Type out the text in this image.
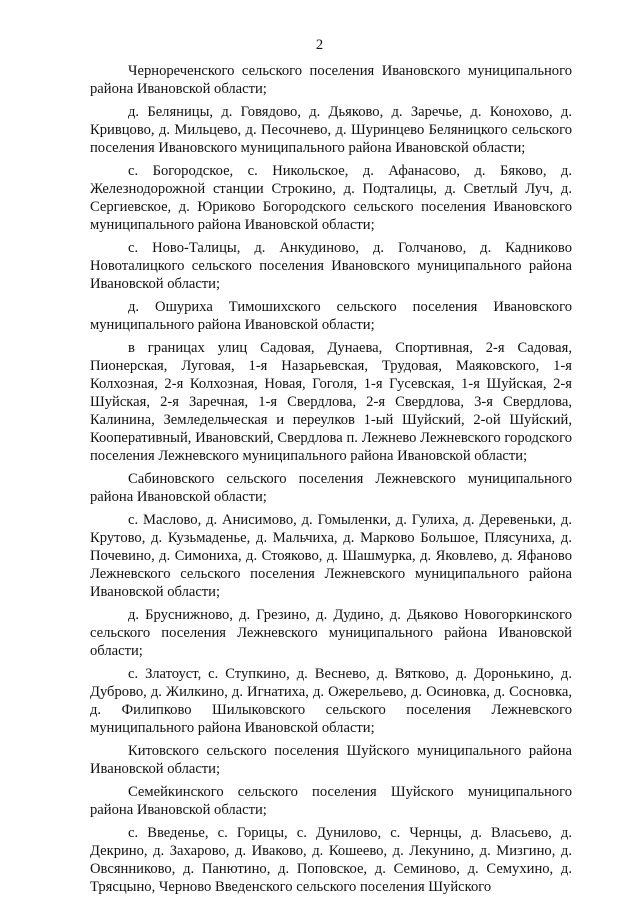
2

Чернореченского сельского поселения Ивановского муниципального района Ивановской области;

д. Беляницы, д. Говядово, д. Дьяково, д. Заречье, д. Коноховo, д. Кривцово, д. Мильцево, д. Песочнево, д. Шуринцево Беляницкого сельского поселения Ивановского муниципального района Ивановской области;

с. Богородское, с. Никольское, д. Афанасово, д. Бяково, д. Железнодорожной станции Строкино, д. Подталицы, д. Светлый Луч, д. Сергиевское, д. Юриково Богородского сельского поселения Ивановского муниципального района Ивановской области;

с. Ново-Талицы, д. Анкудиново, д. Голчаново, д. Кадниково Новоталицкого сельского поселения Ивановского муниципального района Ивановской области;

д. Ошуриха Тимошихского сельского поселения Ивановского муниципального района Ивановской области;

в границах улиц Садовая, Дунаева, Спортивная, 2-я Садовая, Пионерская, Луговая, 1-я Назарьевская, Трудовая, Маяковского, 1-я Колхозная, 2-я Колхозная, Новая, Гоголя, 1-я Гусевская, 1-я Шуйская, 2-я Шуйская, 2-я Заречная, 1-я Свердлова, 2-я Свердлова, 3-я Свердлова, Калинина, Земледельческая и переулков 1-ый Шуйский, 2-ой Шуйский, Кооперативный, Ивановский, Свердлова п. Лежнево Лежневского городского поселения Лежневского муниципального района Ивановской области;

Сабиновского сельского поселения Лежневского муниципального района Ивановской области;

с. Маслово, д. Анисимово, д. Гомыленки, д. Гулиха, д. Деревеньки, д. Крутово, д. Кузьмаденье, д. Мальчиха, д. Марково Большое, Плясуниха, д. Почевино, д. Симониха, д. Стояково, д. Шашмурка, д. Яковлево, д. Яфаново Лежневского сельского поселения Лежневского муниципального района Ивановской области;

д. Бруснижново, д. Грезино, д. Дудино, д. Дьяково Новогоркинского сельского поселения Лежневского муниципального района Ивановской области;

с. Златоуст, с. Ступкино, д. Веснево, д. Вятково, д. Доронькино, д. Дуброво, д. Жилкино, д. Игнатиха, д. Ожерельево, д. Осиновка, д. Сосновка, д. Филипково Шилыковского сельского поселения Лежневского муниципального района Ивановской области;

Китовского сельского поселения Шуйского муниципального района Ивановской области;

Семейкинского сельского поселения Шуйского муниципального района Ивановской области;

с. Введенье, с. Горицы, с. Дунилово, с. Чернцы, д. Власьево, д. Декрино, д. Захарово, д. Иваково, д. Кошеево, д. Лекунино, д. Мизгино, д. Овсянниково, д. Панютино, д. Поповское, д. Семиново, д. Семухино, д. Трясцыно, Черново Введенского сельского поселения Шуйского
